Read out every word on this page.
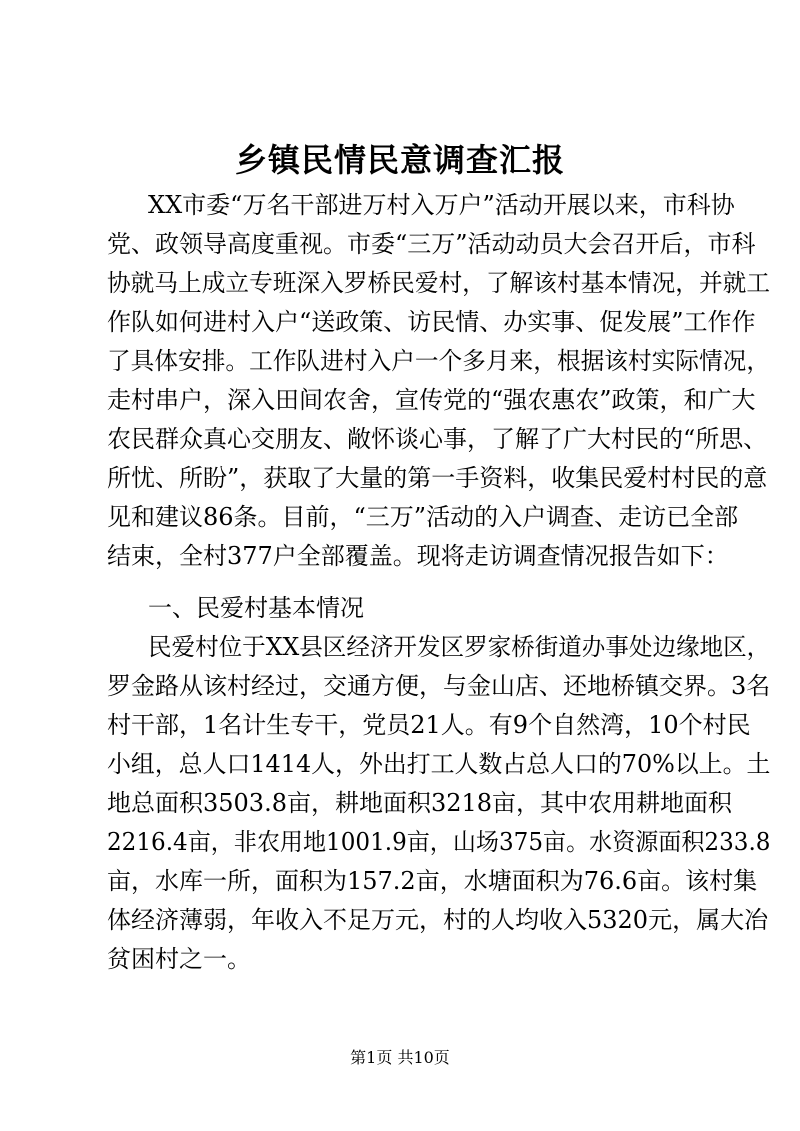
乡镇民情民意调查汇报
XX市委“万名干部进万村入万户”活动开展以来，市科协
党、政领导高度重视。市委“三万”活动动员大会召开后，市科
协就马上成立专班深入罗桥民爱村，了解该村基本情况，并就工
作队如何进村入户“送政策、访民情、办实事、促发展”工作作
了具体安排。工作队进村入户一个多月来，根据该村实际情况，
走村串户，深入田间农舍，宣传党的“强农惠农”政策，和广大
农民群众真心交朋友、敞怀谈心事，了解了广大村民的“所思、
所忧、所盼”，获取了大量的第一手资料，收集民爱村村民的意
见和建议86条。目前，“三万”活动的入户调查、走访已全部
结束，全村377户全部覆盖。现将走访调查情况报告如下：
一、民爱村基本情况
民爱村位于XX县区经济开发区罗家桥街道办事处边缘地区，
罗金路从该村经过，交通方便，与金山店、还地桥镇交界。3名
村干部，1名计生专干，党员21人。有9个自然湾，10个村民
小组，总人口1414人，外出打工人数占总人口的70%以上。土
地总面积3503.8亩，耕地面积3218亩，其中农用耕地面积
2216.4亩，非农用地1001.9亩，山场375亩。水资源面积233.8
亩，水库一所，面积为157.2亩，水塘面积为76.6亩。该村集
体经济薄弱，年收入不足万元，村的人均收入5320元，属大冶
贫困村之一。
第1页 共10页
